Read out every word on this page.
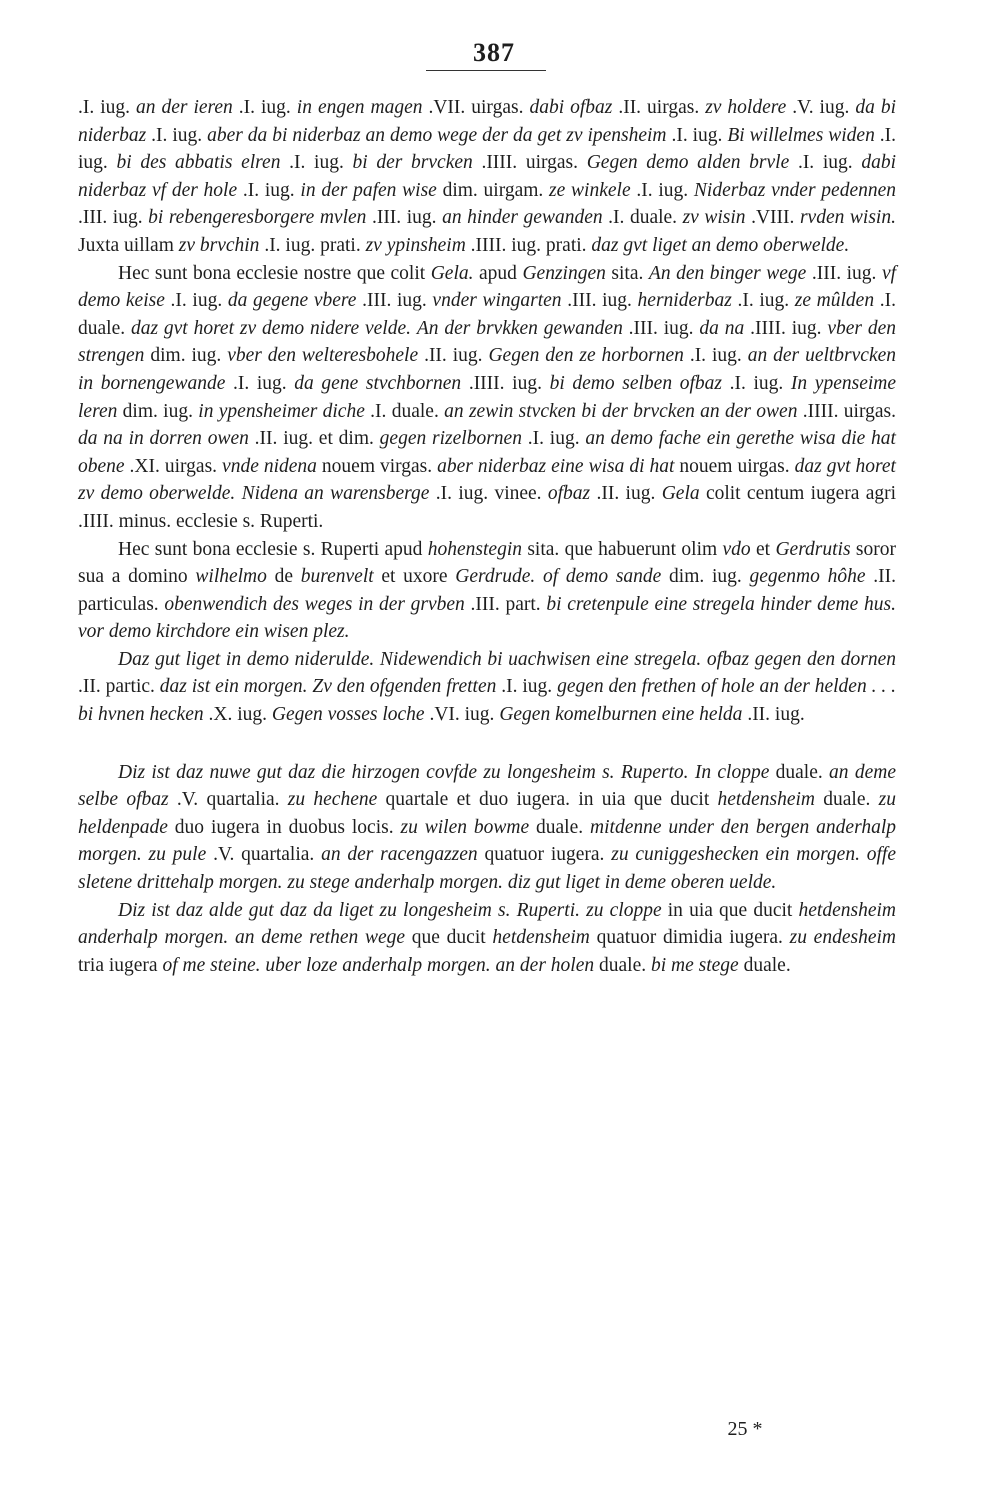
387

.I. iug. an der ieren .I. iug. in engen magen .VII. uirgas. dabi ofbaz .II. uirgas. zv holdere .V. iug. da bi niderbaz .I. iug. aber da bi niderbaz an demo wege der da get zv ipensheim .I. iug. Bi willelmes widen .I. iug. bi des abbatis elren .I. iug. bi der brvcken .IIII. uirgas. Gegen demo alden brvle .I. iug. dabi niderbaz vf der hole .I. iug. in der pafen wise dim. uirgam. ze winkele .I. iug. Niderbaz vnder pedennen .III. iug. bi rebengeresborgere mvlen .III. iug. an hinder gewanden .I. duale. zv wisin .VIII. rvden wisin. Juxta uillam zv brvchin .I. iug. prati. zv ypinsheim .IIII. iug. prati. daz gvt liget an demo oberwelde.

Hec sunt bona ecclesie nostre que colit Gela. apud Genzingen sita. An den binger wege .III. iug. vf demo keise .I. iug. da gegene vbere .III. iug. vnder wingarten .III. iug. herniderbaz .I. iug. ze mûlden .I. duale. daz gvt horet zv demo nidere velde. An der brvkken gewanden .III. iug. da na .IIII. iug. vber den strengen dim. iug. vber den welteresbohele .II. iug. Gegen den ze horbornen .I. iug. an der ueltbrvcken in bornengewande .I. iug. da gene stvchbornen .IIII. iug. bi demo selben ofbaz .I. iug. In ypenseime leren dim. iug. in ypensheimer diche .I. duale. an zewin stvcken bi der brvcken an der owen .IIII. uirgas. da na in dorren owen .II. iug. et dim. gegen rizelbornen .I. iug. an demo fache ein gerethe wisa die hat obene .XI. uirgas. vnde nidena nouem virgas. aber niderbaz eine wisa di hat nouem uirgas. daz gvt horet zv demo oberwelde. Nidena an warensberge .I. iug. vinee. ofbaz .II. iug. Gela colit centum iugera agri .IIII. minus. ecclesie s. Ruperti.

Hec sunt bona ecclesie s. Ruperti apud hohenstegin sita. que habuerunt olim vdo et Gerdrutis soror sua a domino wilhelmo de burenvelt et uxore Gerdrude. of demo sande dim. iug. gegenmo hôhe .II. particulas. obenwendich des weges in der grvben .III. part. bi cretenpule eine stregela hinder deme hus. vor demo kirchdore ein wisen plez.

Daz gut liget in demo niderulde. Nidewendich bi uachwisen eine stregela. ofbaz gegen den dornen .II. partic. daz ist ein morgen. Zv den ofgenden fretten .I. iug. gegen den frethen of hole an der helden . . . bi hvnen hecken .X. iug. Gegen vosses loche .VI. iug. Gegen komelburnen eine helda .II. iug.

Diz ist daz nuwe gut daz die hirzogen covfde zu longesheim s. Ruperto. In cloppe duale. an deme selbe ofbaz .V. quartalia. zu hechene quartale et duo iugera. in uia que ducit hetdensheim duale. zu heldenpade duo iugera in duobus locis. zu wilen bowme duale. mitdenne under den bergen anderhalp morgen. zu pule .V. quartalia. an der racengazzen quatuor iugera. zu cuniggeshecken ein morgen. offe sletene drittehalp morgen. zu stege anderhalp morgen. diz gut liget in deme oberen uelde.

Diz ist daz alde gut daz da liget zu longesheim s. Ruperti. zu cloppe in uia que ducit hetdensheim anderhalp morgen. an deme rethen wege que ducit hetdensheim quatuor dimidia iugera. zu endesheim tria iugera of me steine. uber loze anderhalp morgen. an der holen duale. bi me stege duale.

25 *
